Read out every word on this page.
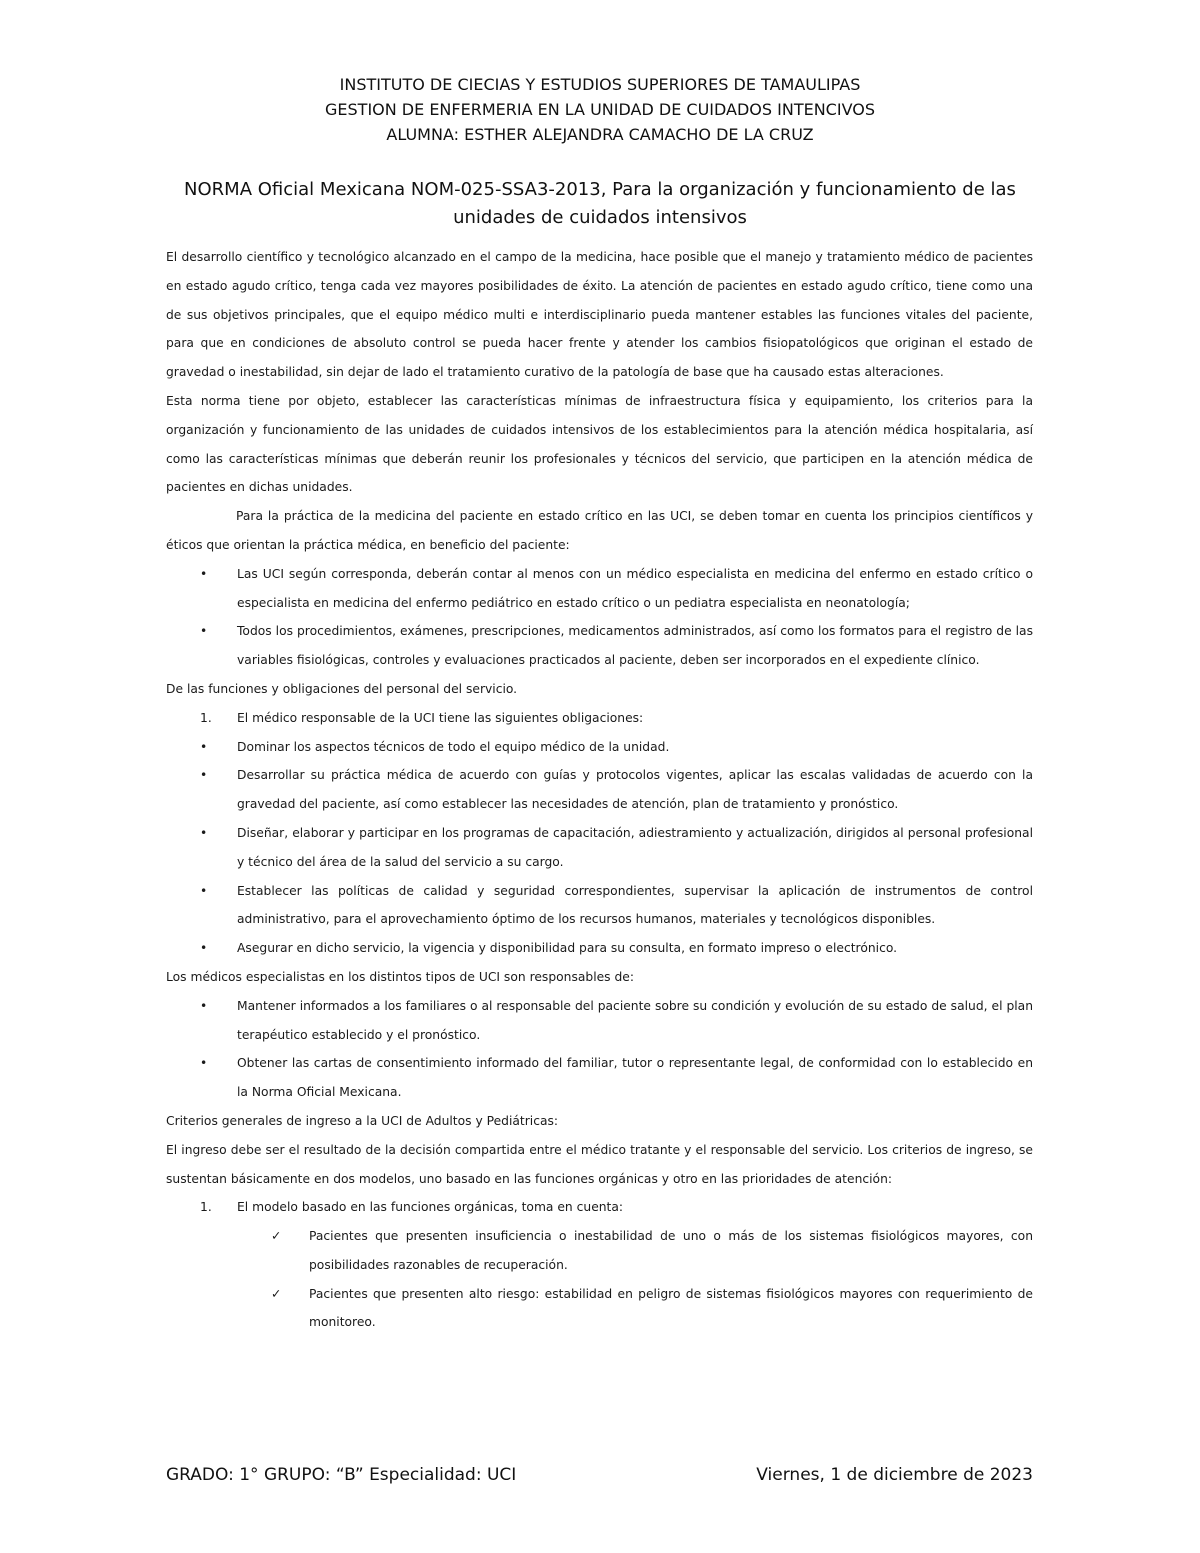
INSTITUTO DE CIECIAS Y ESTUDIOS SUPERIORES DE TAMAULIPAS
GESTION DE ENFERMERIA EN LA UNIDAD DE CUIDADOS INTENCIVOS
ALUMNA: ESTHER ALEJANDRA CAMACHO DE LA CRUZ
NORMA Oficial Mexicana NOM-025-SSA3-2013, Para la organización y funcionamiento de las
unidades de cuidados intensivos

El desarrollo científico y tecnológico alcanzado en el campo de la medicina, hace posible que el manejo y tratamiento médico de pacientes en estado agudo crítico, tenga cada vez mayores posibilidades de éxito. La atención de pacientes en estado agudo crítico, tiene como una de sus objetivos principales, que el equipo médico multi e interdisciplinario pueda mantener estables las funciones vitales del paciente, para que en condiciones de absoluto control se pueda hacer frente y atender los cambios fisiopatológicos que originan el estado de gravedad o inestabilidad, sin dejar de lado el tratamiento curativo de la patología de base que ha causado estas alteraciones.

Esta norma tiene por objeto, establecer las características mínimas de infraestructura física y equipamiento, los criterios para la organización y funcionamiento de las unidades de cuidados intensivos de los establecimientos para la atención médica hospitalaria, así como las características mínimas que deberán reunir los profesionales y técnicos del servicio, que participen en la atención médica de pacientes en dichas unidades.

Para la práctica de la medicina del paciente en estado crítico en las UCI, se deben tomar en cuenta los principios científicos y éticos que orientan la práctica médica, en beneficio del paciente:

• Las UCI según corresponda, deberán contar al menos con un médico especialista en medicina del enfermo en estado crítico o especialista en medicina del enfermo pediátrico en estado crítico o un pediatra especialista en neonatología;
• Todos los procedimientos, exámenes, prescripciones, medicamentos administrados, así como los formatos para el registro de las variables fisiológicas, controles y evaluaciones practicados al paciente, deben ser incorporados en el expediente clínico.

De las funciones y obligaciones del personal del servicio.

1. El médico responsable de la UCI tiene las siguientes obligaciones:
• Dominar los aspectos técnicos de todo el equipo médico de la unidad.
• Desarrollar su práctica médica de acuerdo con guías y protocolos vigentes, aplicar las escalas validadas de acuerdo con la gravedad del paciente, así como establecer las necesidades de atención, plan de tratamiento y pronóstico.
• Diseñar, elaborar y participar en los programas de capacitación, adiestramiento y actualización, dirigidos al personal profesional y técnico del área de la salud del servicio a su cargo.
• Establecer las políticas de calidad y seguridad correspondientes, supervisar la aplicación de instrumentos de control administrativo, para el aprovechamiento óptimo de los recursos humanos, materiales y tecnológicos disponibles.
• Asegurar en dicho servicio, la vigencia y disponibilidad para su consulta, en formato impreso o electrónico.

Los médicos especialistas en los distintos tipos de UCI son responsables de:

• Mantener informados a los familiares o al responsable del paciente sobre su condición y evolución de su estado de salud, el plan terapéutico establecido y el pronóstico.
• Obtener las cartas de consentimiento informado del familiar, tutor o representante legal, de conformidad con lo establecido en la Norma Oficial Mexicana.

Criterios generales de ingreso a la UCI de Adultos y Pediátricas:

El ingreso debe ser el resultado de la decisión compartida entre el médico tratante y el responsable del servicio. Los criterios de ingreso, se sustentan básicamente en dos modelos, uno basado en las funciones orgánicas y otro en las prioridades de atención:

1. El modelo basado en las funciones orgánicas, toma en cuenta:
✓ Pacientes que presenten insuficiencia o inestabilidad de uno o más de los sistemas fisiológicos mayores, con posibilidades razonables de recuperación.
✓ Pacientes que presenten alto riesgo: estabilidad en peligro de sistemas fisiológicos mayores con requerimiento de monitoreo.
GRADO: 1° GRUPO: “B” Especialidad: UCI	Viernes, 1 de diciembre de 2023
